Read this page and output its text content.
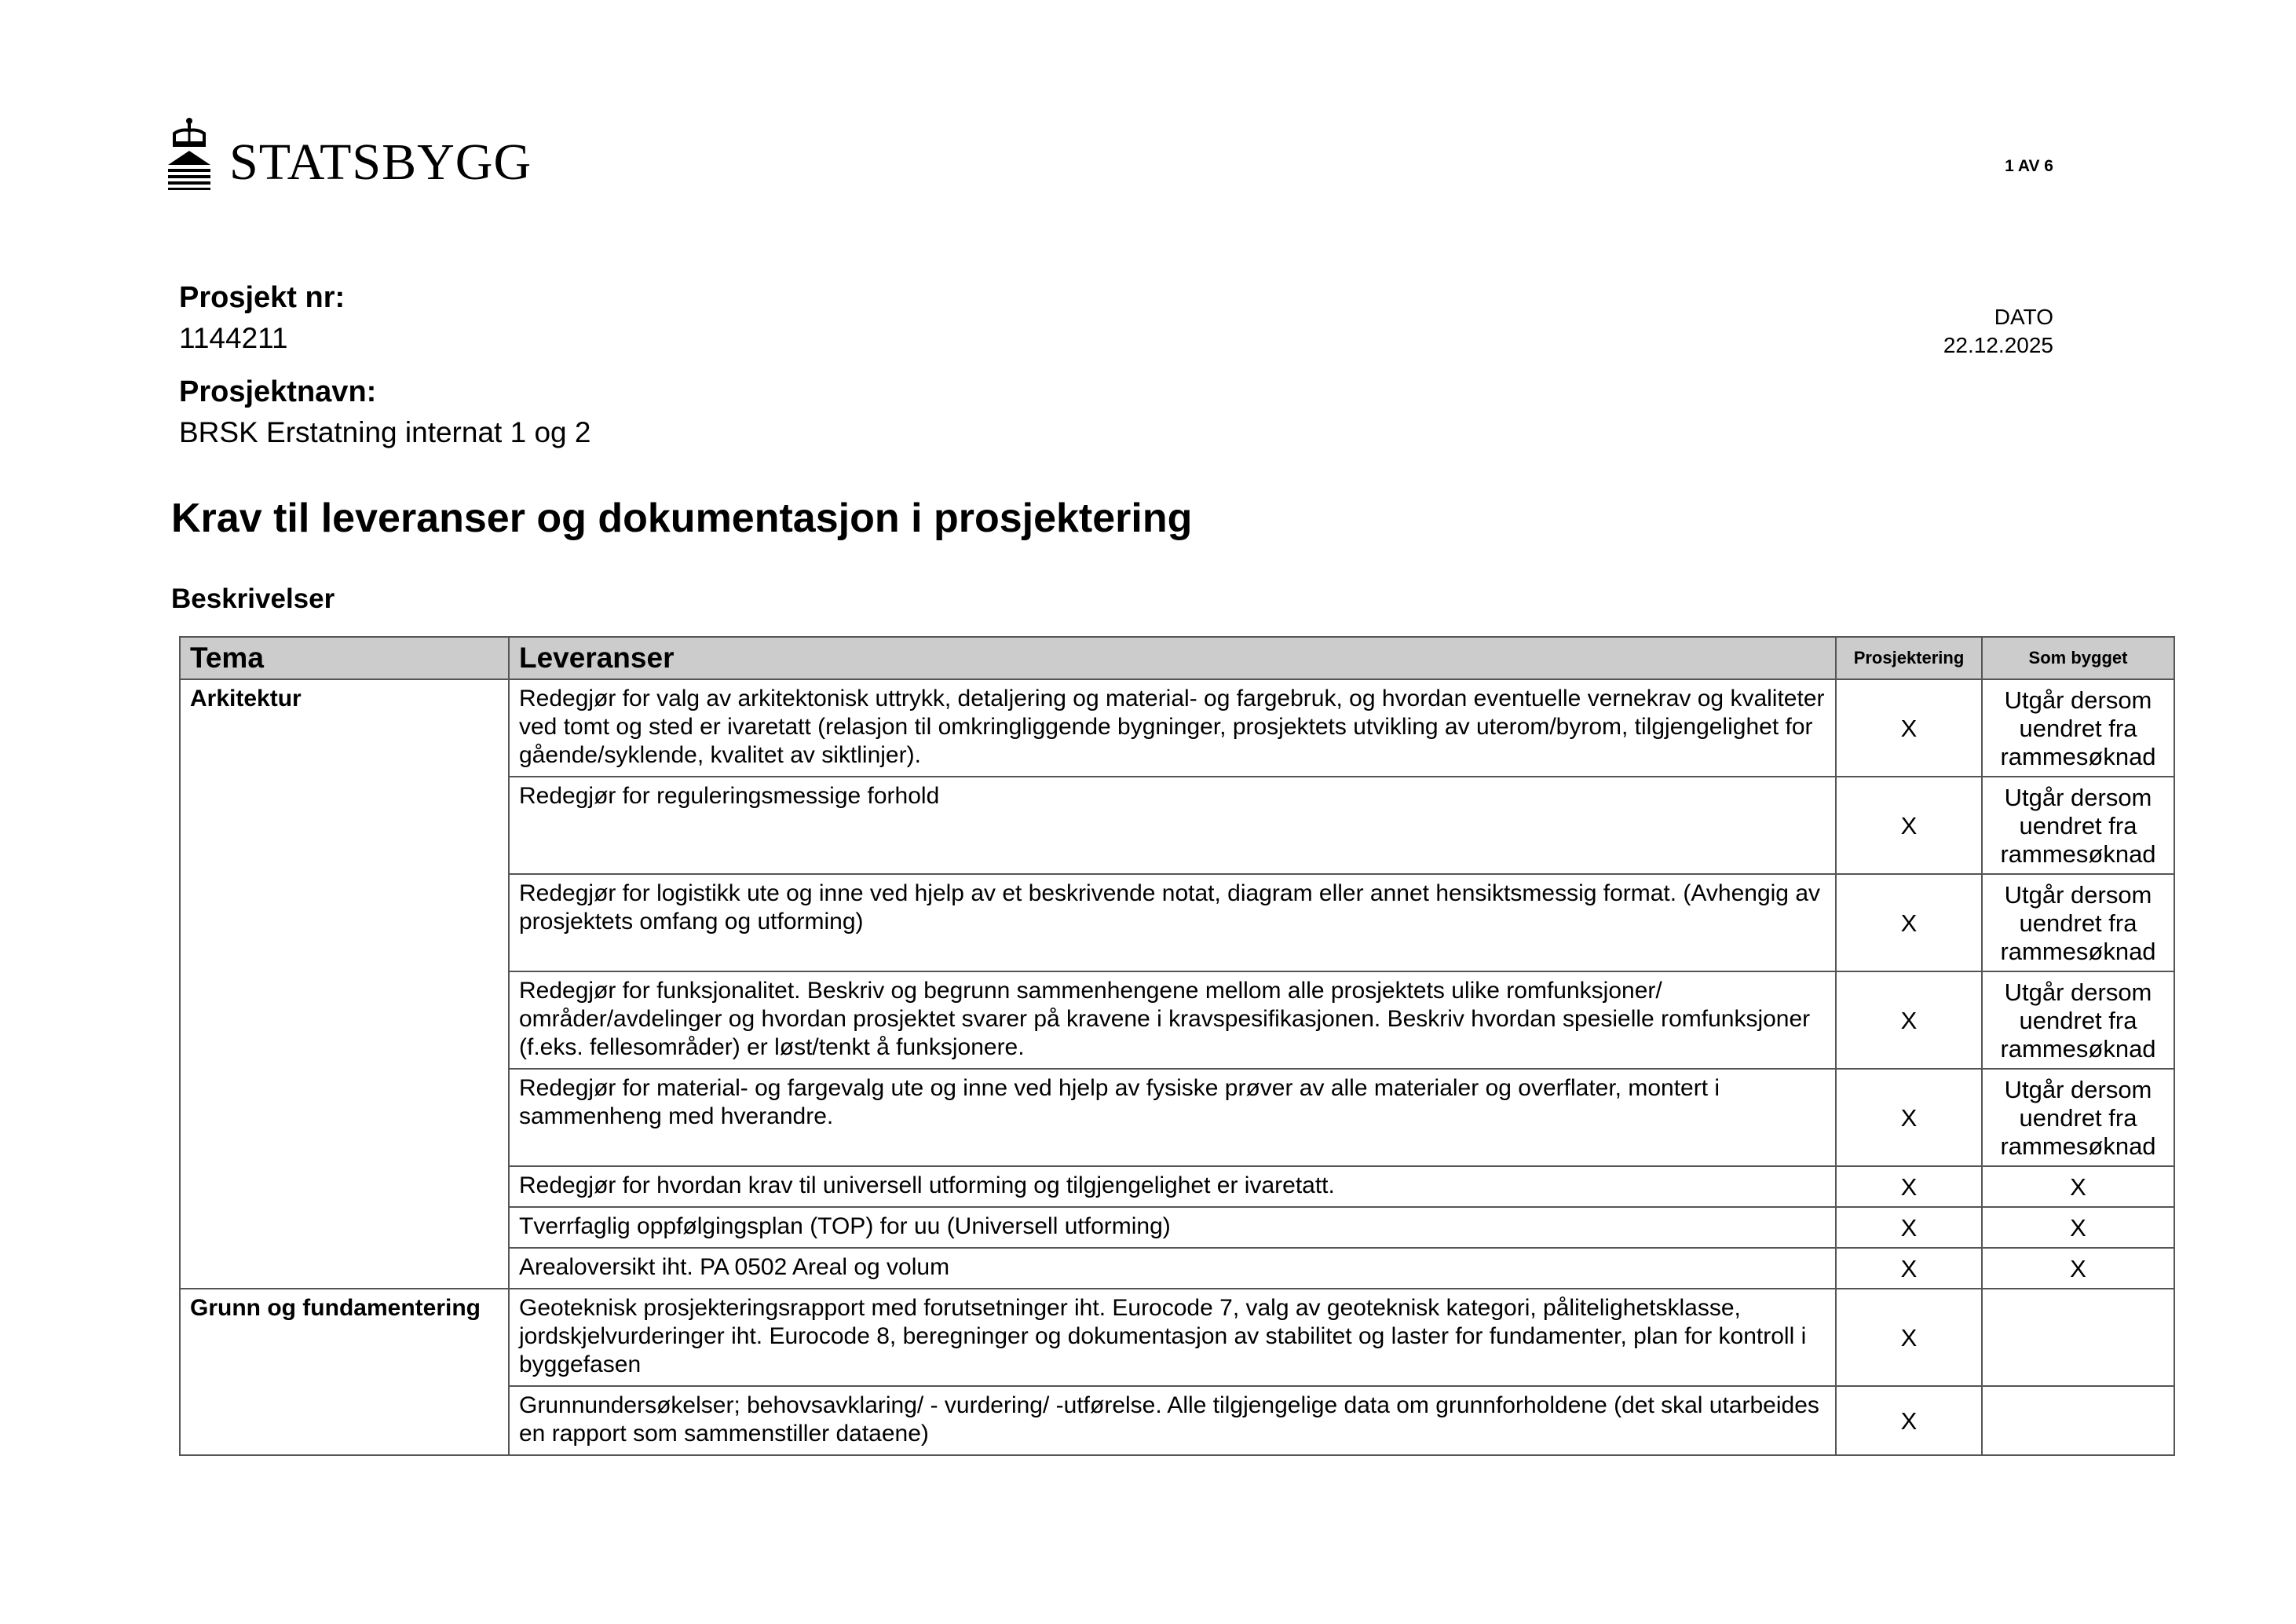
STATSBYGG	1 AV 6
Prosjekt nr:
1144211
Prosjektnavn:
BRSK Erstatning internat 1 og 2
DATO
22.12.2025
Krav til leveranser og dokumentasjon i prosjektering
Beskrivelser
Tema	Leveranser	Prosjektering	Som bygget
Arkitektur	Redegjør for valg av arkitektonisk uttrykk, detaljering og material- og fargebruk, og hvordan eventuelle vernekrav og kvaliteter ved tomt og sted er ivaretatt (relasjon til omkringliggende bygninger, prosjektets utvikling av uterom/byrom, tilgjengelighet for gående/syklende, kvalitet av siktlinjer).	X	Utgår dersom uendret fra rammesøknad
	Redegjør for reguleringsmessige forhold	X	Utgår dersom uendret fra rammesøknad
	Redegjør for logistikk ute og inne ved hjelp av et beskrivende notat, diagram eller annet hensiktsmessig format. (Avhengig av prosjektets omfang og utforming)	X	Utgår dersom uendret fra rammesøknad
	Redegjør for funksjonalitet. Beskriv og begrunn sammenhengene mellom alle prosjektets ulike romfunksjoner/ områder/avdelinger og hvordan prosjektet svarer på kravene i kravspesifikasjonen. Beskriv hvordan spesielle romfunksjoner (f.eks. fellesområder) er løst/tenkt å funksjonere.	X	Utgår dersom uendret fra rammesøknad
	Redegjør for material- og fargevalg ute og inne ved hjelp av fysiske prøver av alle materialer og overflater, montert i sammenheng med hverandre.	X	Utgår dersom uendret fra rammesøknad
	Redegjør for hvordan krav til universell utforming og tilgjengelighet er ivaretatt.	X	X
	Tverrfaglig oppfølgingsplan (TOP) for uu (Universell utforming)	X	X
	Arealoversikt iht. PA 0502 Areal og volum	X	X
Grunn og fundamentering	Geoteknisk prosjekteringsrapport med forutsetninger iht. Eurocode 7, valg av geoteknisk kategori, pålitelighetsklasse, jordskjelvurderinger iht. Eurocode 8, beregninger og dokumentasjon av stabilitet og laster for fundamenter, plan for kontroll i byggefasen	X	
	Grunnundersøkelser; behovsavklaring/ - vurdering/ -utførelse. Alle tilgjengelige data om grunnforholdene (det skal utarbeides en rapport som sammenstiller dataene)	X	
